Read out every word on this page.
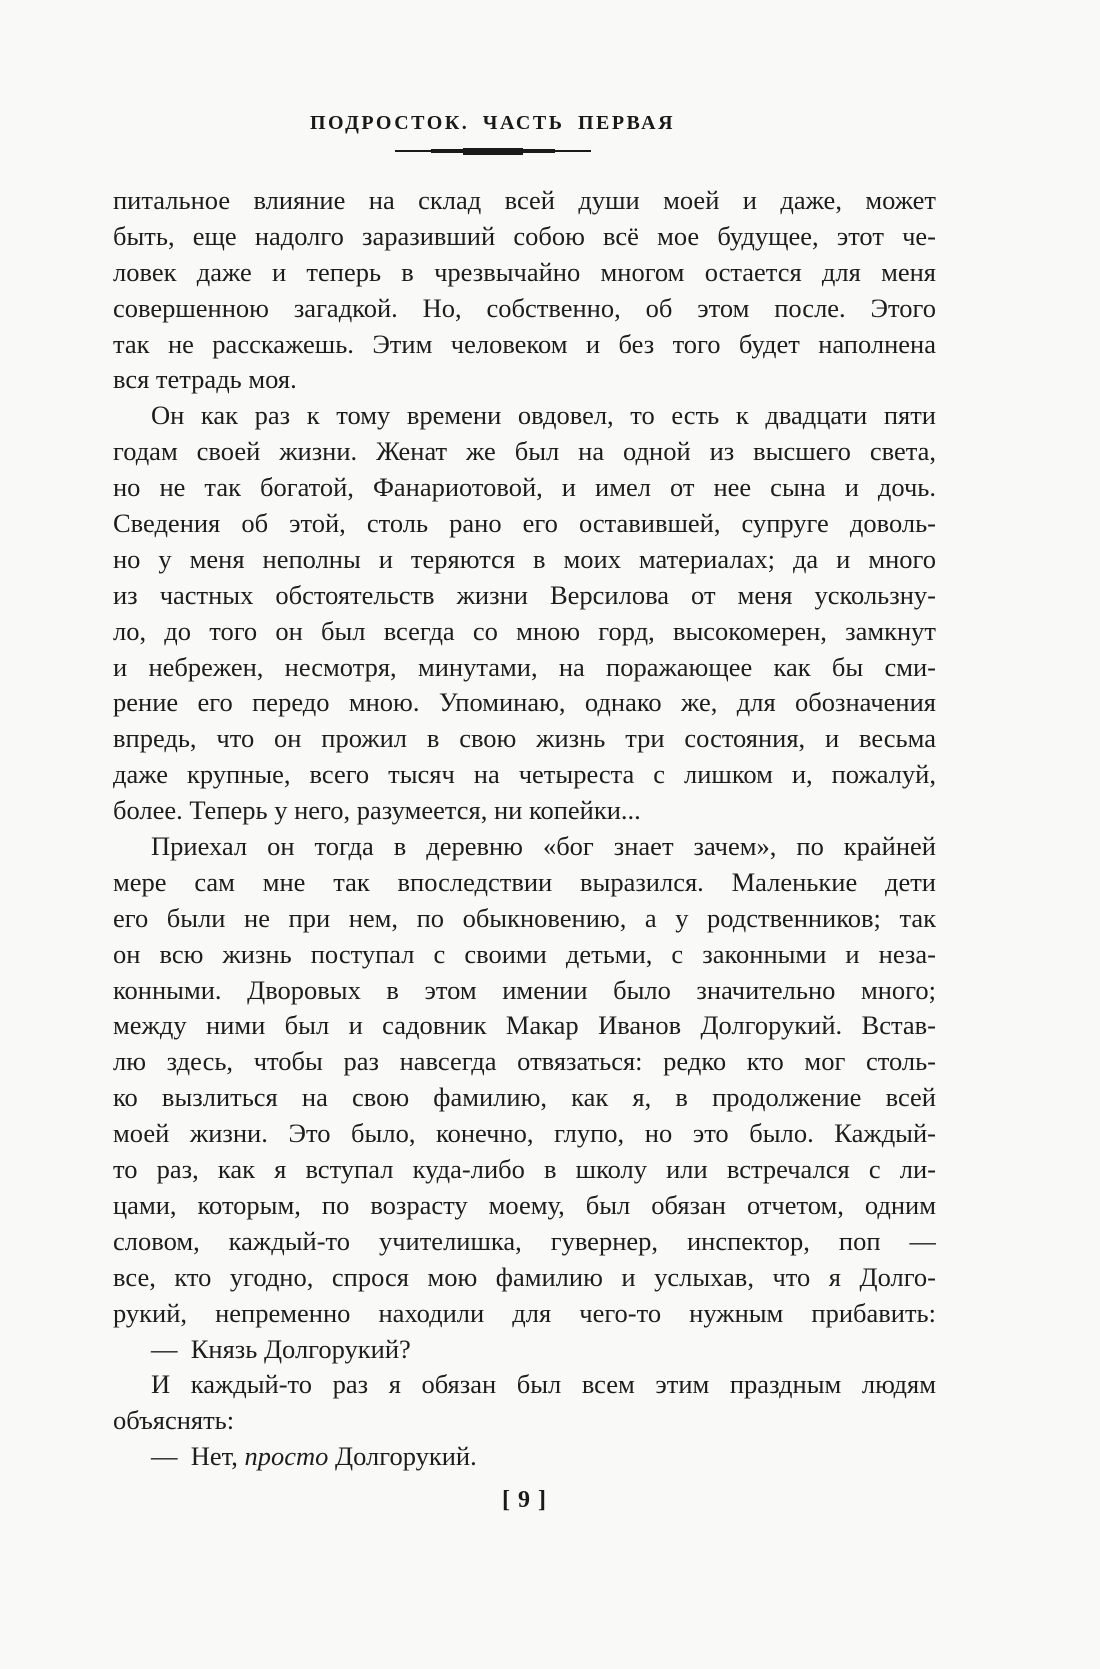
ПОДРОСТОК. ЧАСТЬ ПЕРВАЯ
питальное влияние на склад всей души моей и даже, может
быть, еще надолго заразивший собою всё мое будущее, этот че-
ловек даже и теперь в чрезвычайно многом остается для меня
совершенною загадкой. Но, собственно, об этом после. Этого
так не расскажешь. Этим человеком и без того будет наполнена
вся тетрадь моя.
Он как раз к тому времени овдовел, то есть к двадцати пяти
годам своей жизни. Женат же был на одной из высшего света,
но не так богатой, Фанариотовой, и имел от нее сына и дочь.
Сведения об этой, столь рано его оставившей, супруге доволь-
но у меня неполны и теряются в моих материалах; да и много
из частных обстоятельств жизни Версилова от меня ускользну-
ло, до того он был всегда со мною горд, высокомерен, замкнут
и небрежен, несмотря, минутами, на поражающее как бы сми-
рение его передо мною. Упоминаю, однако же, для обозначения
впредь, что он прожил в свою жизнь три состояния, и весьма
даже крупные, всего тысяч на четыреста с лишком и, пожалуй,
более. Теперь у него, разумеется, ни копейки...
Приехал он тогда в деревню «бог знает зачем», по крайней
мере сам мне так впоследствии выразился. Маленькие дети
его были не при нем, по обыкновению, а у родственников; так
он всю жизнь поступал с своими детьми, с законными и неза-
конными. Дворовых в этом имении было значительно много;
между ними был и садовник Макар Иванов Долгорукий. Встав-
лю здесь, чтобы раз навсегда отвязаться: редко кто мог столь-
ко вызлиться на свою фамилию, как я, в продолжение всей
моей жизни. Это было, конечно, глупо, но это было. Каждый-
то раз, как я вступал куда-либо в школу или встречался с ли-
цами, которым, по возрасту моему, был обязан отчетом, одним
словом, каждый-то учителишка, гувернер, инспектор, поп —
все, кто угодно, спрося мою фамилию и услыхав, что я Долго-
рукий, непременно находили для чего-то нужным прибавить:
— Князь Долгорукий?
И каждый-то раз я обязан был всем этим праздным людям
объяснять:
— Нет, просто Долгорукий.
[ 9 ]
